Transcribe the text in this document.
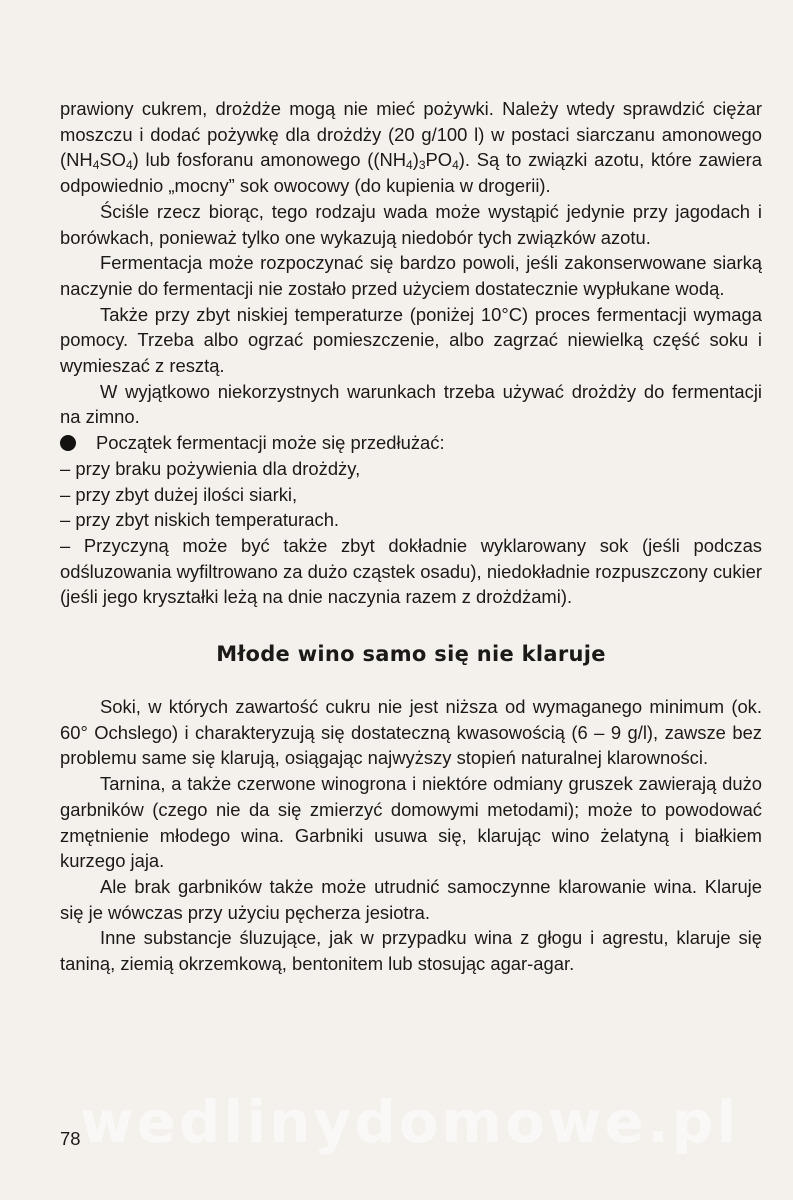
wedlinydomowe.pl

prawiony cukrem, drożdże mogą nie mieć pożywki. Należy wtedy sprawdzić ciężar moszczu i dodać pożywkę dla drożdży (20 g/100 l) w postaci siarczanu amonowego $(NH_4SO_4)$ lub fosforanu amonowego $((NH_4)_3PO_4)$. Są to związki azotu, które zawiera odpowiednio „mocny” sok owocowy (do kupienia w drogerii).

Ściśle rzecz biorąc, tego rodzaju wada może wystąpić jedynie przy jagodach i borówkach, ponieważ tylko one wykazują niedobór tych związków azotu.

Fermentacja może rozpoczynać się bardzo powoli, jeśli zakonserwowane siarką naczynie do fermentacji nie zostało przed użyciem dostatecznie wypłukane wodą.

Także przy zbyt niskiej temperaturze (poniżej 10°C) proces fermentacji wymaga pomocy. Trzeba albo ogrzać pomieszczenie, albo zagrzać niewielką część soku i wymieszać z resztą.

W wyjątkowo niekorzystnych warunkach trzeba używać drożdży do fermentacji na zimno.

Początek fermentacji może się przedłużać:

– przy braku pożywienia dla drożdży,

– przy zbyt dużej ilości siarki,

– przy zbyt niskich temperaturach.

– Przyczyną może być także zbyt dokładnie wyklarowany sok (jeśli podczas odśluzowania wyfiltrowano za dużo cząstek osadu), niedokładnie rozpuszczony cukier (jeśli jego kryształki leżą na dnie naczynia razem z drożdżami).

Młode wino samo się nie klaruje

Soki, w których zawartość cukru nie jest niższa od wymaganego minimum (ok. 60° Ochslego) i charakteryzują się dostateczną kwasowością (6 – 9 g/l), zawsze bez problemu same się klarują, osiągając najwyższy stopień naturalnej klarowności.

Tarnina, a także czerwone winogrona i niektóre odmiany gruszek zawierają dużo garbników (czego nie da się zmierzyć domowymi metodami); może to powodować zmętnienie młodego wina. Garbniki usuwa się, klarując wino żelatyną i białkiem kurzego jaja.

Ale brak garbników także może utrudnić samoczynne klarowanie wina. Klaruje się je wówczas przy użyciu pęcherza jesiotra.

Inne substancje śluzujące, jak w przypadku wina z głogu i agrestu, klaruje się taniną, ziemią okrzemkową, bentonitem lub stosując agar-agar.

78
